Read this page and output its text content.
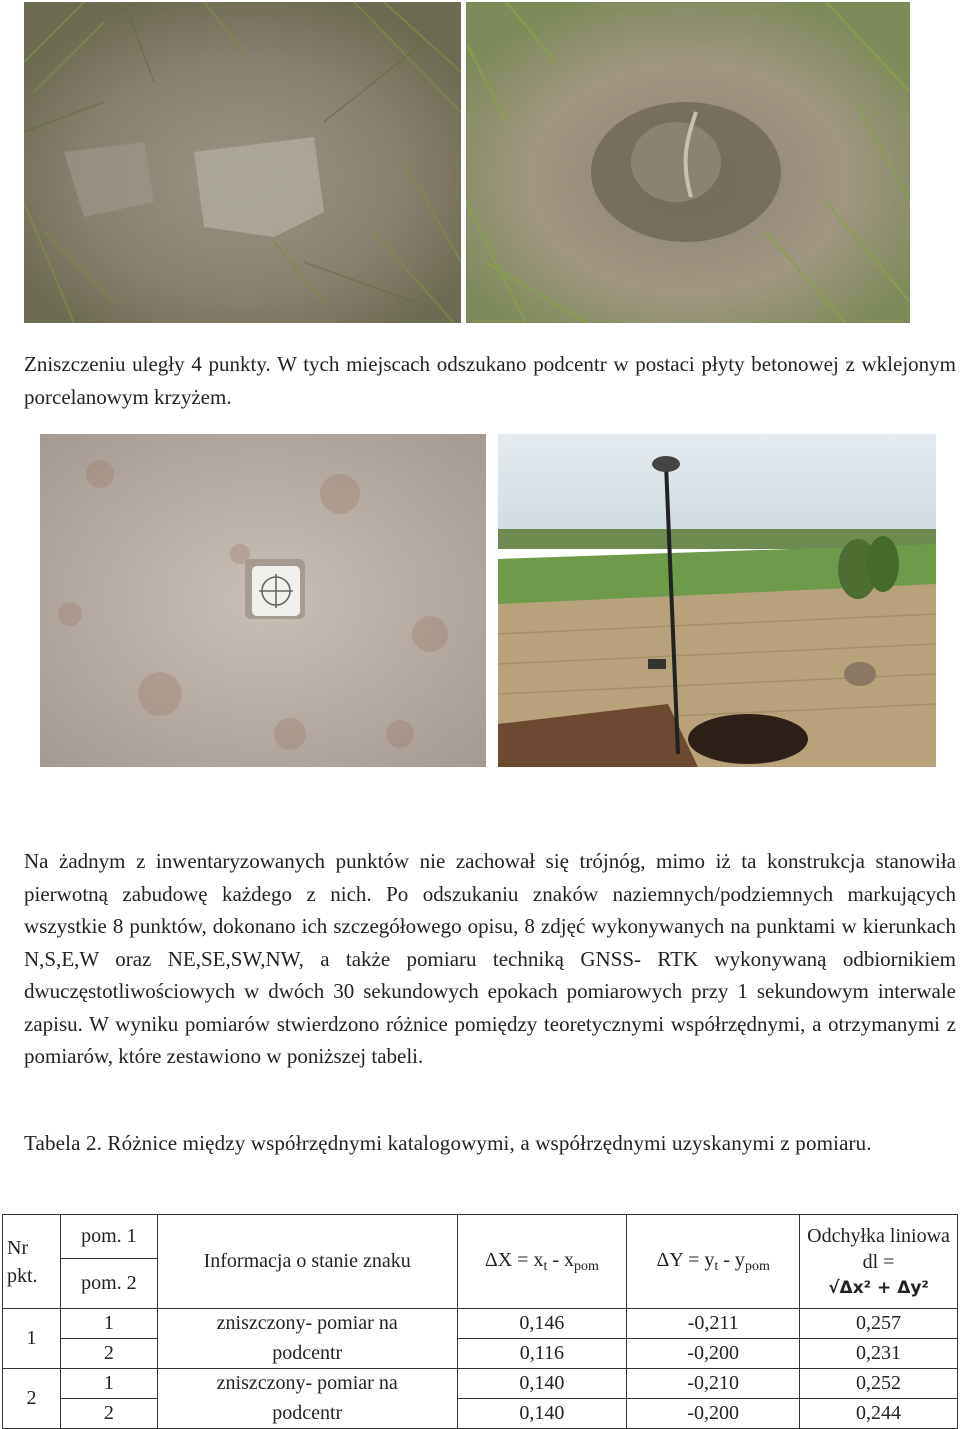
Zniszczeniu uległy 4 punkty. W tych miejscach odszukano podcentr w postaci płyty betonowej z wklejonym porcelanowym krzyżem.
Na żadnym z inwentaryzowanych punktów nie zachował się trójnóg, mimo iż ta konstrukcja stanowiła pierwotną zabudowę każdego z nich. Po odszukaniu znaków naziemnych/podziemnych markujących wszystkie 8 punktów, dokonano ich szczegółowego opisu, 8 zdjęć wykonywanych na punktami w kierunkach N,S,E,W oraz NE,SE,SW,NW, a także pomiaru techniką GNSS- RTK wykonywaną odbiornikiem dwuczęstotliwościowych w dwóch 30 sekundowych epokach pomiarowych przy 1 sekundowym interwale zapisu. W wyniku pomiarów stwierdzono różnice pomiędzy teoretycznymi współrzędnymi, a otrzymanymi z pomiarów, które zestawiono w poniższej tabeli.
Tabela 2. Różnice między współrzędnymi katalogowymi, a współrzędnymi uzyskanymi z pomiaru.
Nr pkt.	pom. 1	Informacja o stanie znaku	$\Delta X = x_t - x_{pom}$	$\Delta Y = y_t - y_{pom}$	Odchyłka liniowa dl =
√Δx² + Δy²

	pom. 2				
1	1	zniszczony- pomiar na	0,146	-0,211	0,257
	2	podcentr	0,116	-0,200	0,231
2	1	zniszczony- pomiar na	0,140	-0,210	0,252
	2	podcentr	0,140	-0,200	0,244
